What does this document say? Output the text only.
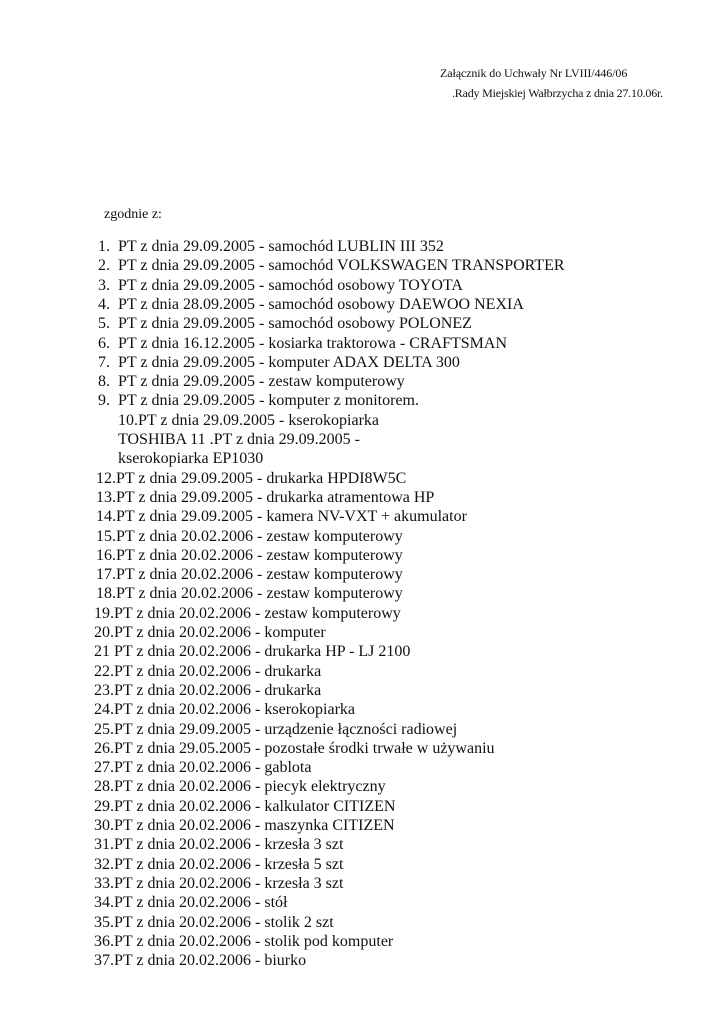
Załącznik do Uchwały Nr LVIII/446/06
.Rady Miejskiej Wałbrzycha z dnia 27.10.06r.
zgodnie z:
1. PT z dnia 29.09.2005 - samochód LUBLIN III 352
2. PT z dnia 29.09.2005 - samochód VOLKSWAGEN TRANSPORTER
3. PT z dnia 29.09.2005 - samochód osobowy TOYOTA
4. PT z dnia 28.09.2005 - samochód osobowy DAEWOO NEXIA
5. PT z dnia 29.09.2005 - samochód osobowy POLONEZ
6. PT z dnia 16.12.2005 - kosiarka traktorowa - CRAFTSMAN
7. PT z dnia 29.09.2005 - komputer ADAX DELTA 300
8. PT z dnia 29.09.2005 - zestaw komputerowy
9. PT z dnia 29.09.2005 - komputer z monitorem.
10.PT z dnia 29.09.2005 - kserokopiarka
TOSHIBA 11 .PT z dnia 29.09.2005 -
kserokopiarka EP1030
12.PT z dnia 29.09.2005 - drukarka HPDI8W5C
13.PT z dnia 29.09.2005 - drukarka atramentowa HP
14.PT z dnia 29.09.2005 - kamera NV-VXT + akumulator
15.PT z dnia 20.02.2006 - zestaw komputerowy
16.PT z dnia 20.02.2006 - zestaw komputerowy
17.PT z dnia 20.02.2006 - zestaw komputerowy
18.PT z dnia 20.02.2006 - zestaw komputerowy
19.PT z dnia 20.02.2006 - zestaw komputerowy
20.PT z dnia 20.02.2006 - komputer
21 PT z dnia 20.02.2006 - drukarka HP - LJ 2100
22.PT z dnia 20.02.2006 - drukarka
23.PT z dnia 20.02.2006 - drukarka
24.PT z dnia 20.02.2006 - kserokopiarka
25.PT z dnia 29.09.2005 - urządzenie łączności radiowej
26.PT z dnia 29.05.2005 - pozostałe środki trwałe w używaniu
27.PT z dnia 20.02.2006 - gablota
28.PT z dnia 20.02.2006 - piecyk elektryczny
29.PT z dnia 20.02.2006 - kalkulator CITIZEN
30.PT z dnia 20.02.2006 - maszynka CITIZEN
31.PT z dnia 20.02.2006 - krzesła 3 szt
32.PT z dnia 20.02.2006 - krzesła 5 szt
33.PT z dnia 20.02.2006 - krzesła 3 szt
34.PT z dnia 20.02.2006 - stół
35.PT z dnia 20.02.2006 - stolik 2 szt
36.PT z dnia 20.02.2006 - stolik pod komputer
37.PT z dnia 20.02.2006 - biurko
